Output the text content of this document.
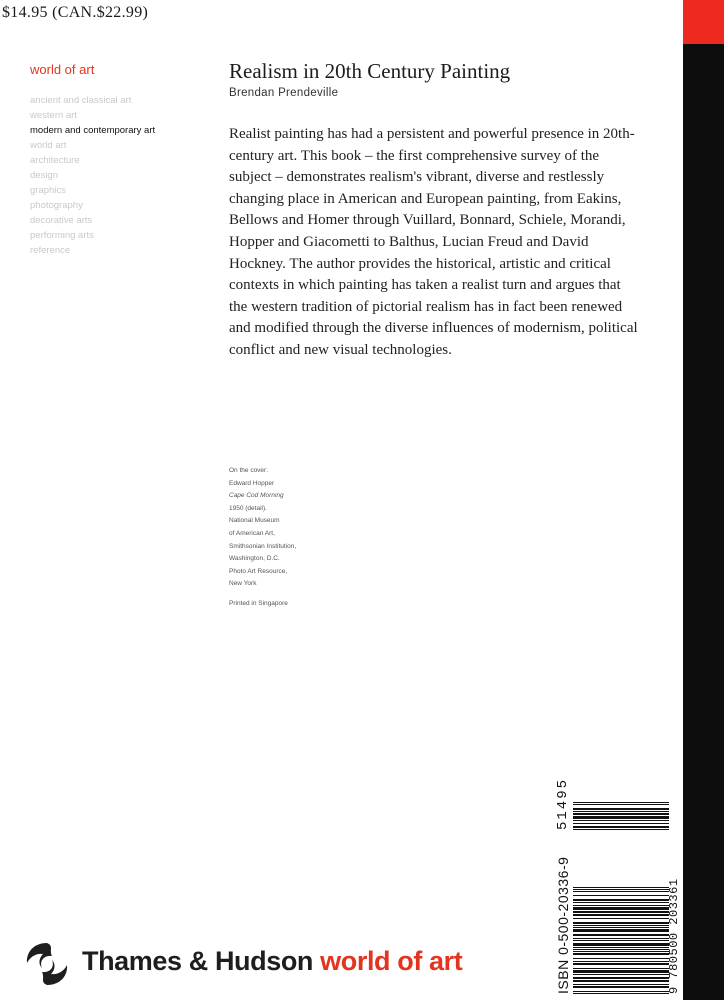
$14.95 (CAN.$22.99)
world of art
ancient and classical art
western art
modern and contemporary art
world art
architecture
design
graphics
photography
decorative arts
performing arts
reference
Realism in 20th Century Painting
Brendan Prendeville

Realist painting has had a persistent and powerful presence in 20th-century art. This book – the first comprehensive survey of the subject – demonstrates realism's vibrant, diverse and restlessly changing place in American and European painting, from Eakins, Bellows and Homer through Vuillard, Bonnard, Schiele, Morandi, Hopper and Giacometti to Balthus, Lucian Freud and David Hockney. The author provides the historical, artistic and critical contexts in which painting has taken a realist turn and argues that the western tradition of pictorial realism has in fact been renewed and modified through the diverse influences of modernism, political conflict and new visual technologies.

On the cover:
Edward Hopper
Cape Cod Morning
1950 (detail).
National Museum
of American Art,
Smithsonian Institution,
Washington, D.C.
Photo Art Resource,
New York
Printed in Singapore
ISBN 0-500-20336-9	9 780500 203361
51495
Thames & Hudson world of art
